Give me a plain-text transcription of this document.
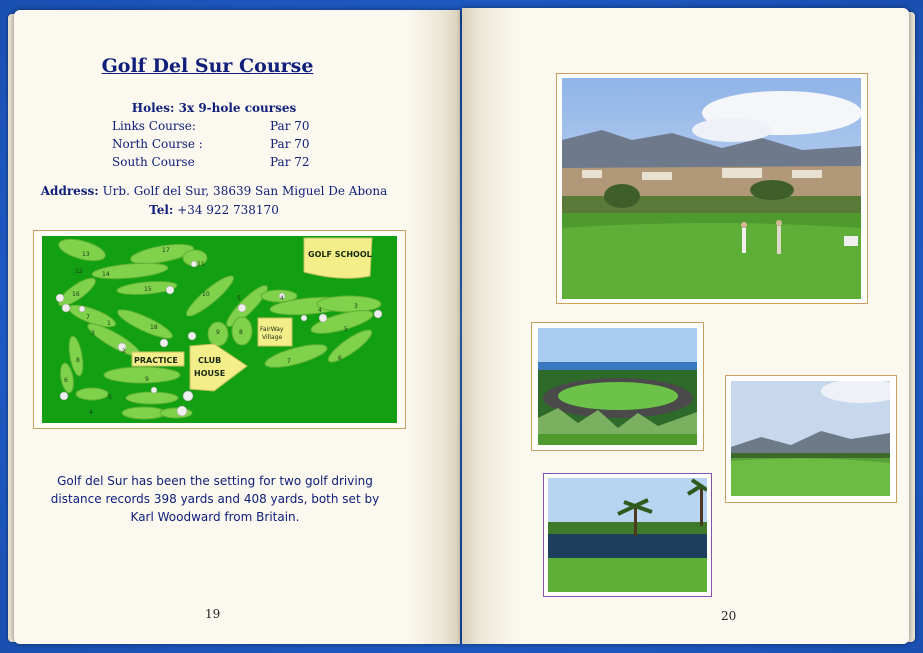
Golf Del Sur Course
Holes: 3x 9-hole courses
Links Course:	Par 70
North Course :	Par 70
South Course	Par 72
Address: Urb. Golf del Sur, 38639 San Miguel De Abona
Tel: +34 922 738170
13
12
17
11
14
15
16	10
7
5
8
9
4
1
3
2
18
4
3
5
6
7
9
8
6
5
4
GOLF SCHOOL
PRACTICE	CLUB
HOUSE
FairWay
Village
Golf del Sur has been the setting for two golf driving distance records 398 yards and 408 yards, both set by Karl Woodward from Britain.
19	20
